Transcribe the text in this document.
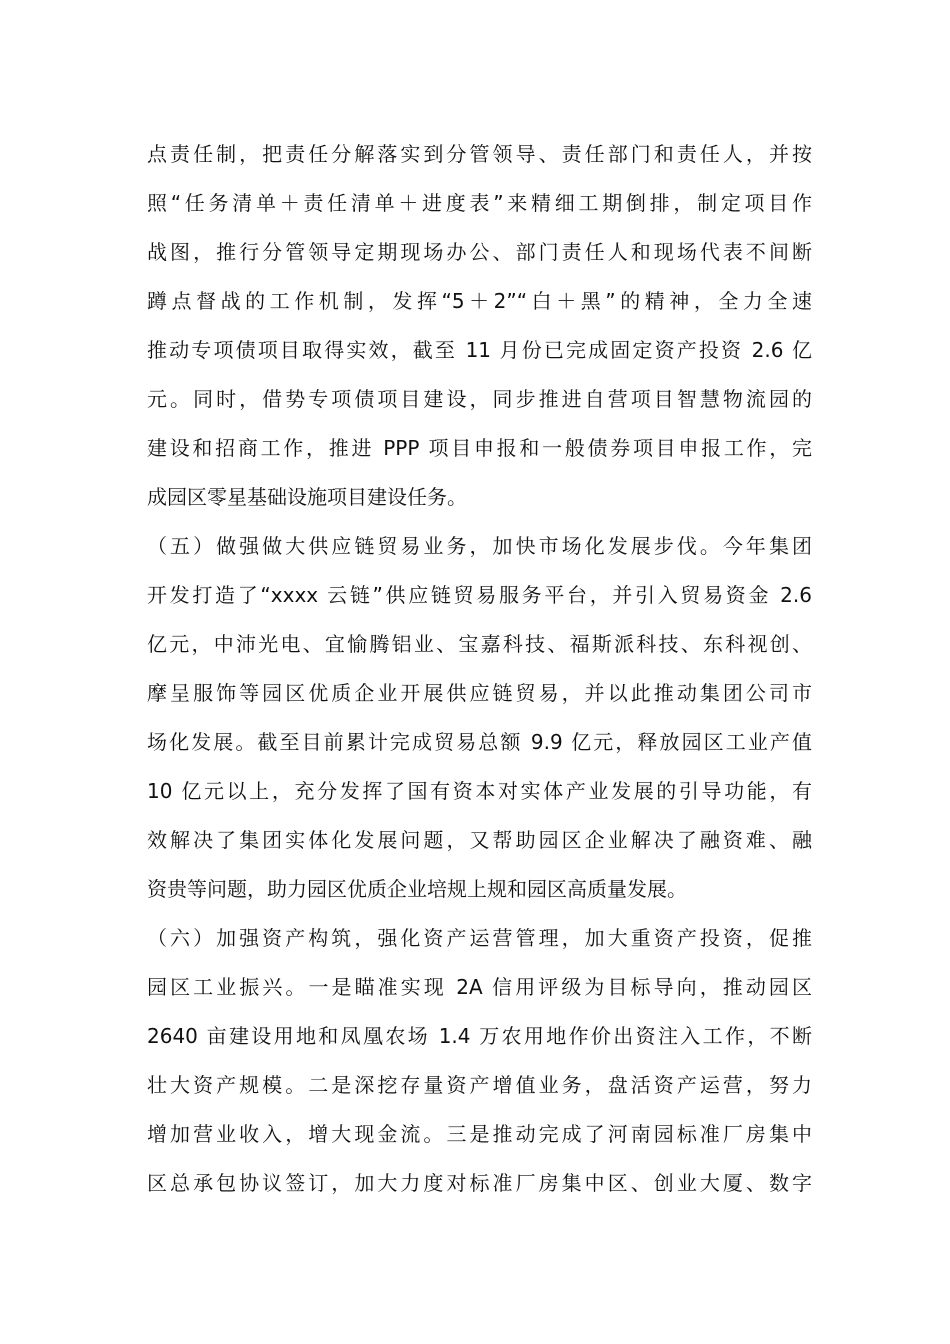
点责任制，把责任分解落实到分管领导、责任部门和责任人，并按
照“任务清单＋责任清单＋进度表”来精细工期倒排，制定项目作
战图，推行分管领导定期现场办公、部门责任人和现场代表不间断
蹲点督战的工作机制，发挥“5＋2”“白＋黑”的精神，全力全速
推动专项债项目取得实效，截至 11 月份已完成固定资产投资 2.6 亿
元。同时，借势专项债项目建设，同步推进自营项目智慧物流园的
建设和招商工作，推进 PPP 项目申报和一般债券项目申报工作，完
成园区零星基础设施项目建设任务。
（五）做强做大供应链贸易业务，加快市场化发展步伐。今年集团
开发打造了“xxxx 云链”供应链贸易服务平台，并引入贸易资金 2.6
亿元，中沛光电、宜愉腾铝业、宝嘉科技、福斯派科技、东科视创、
摩呈服饰等园区优质企业开展供应链贸易，并以此推动集团公司市
场化发展。截至目前累计完成贸易总额 9.9 亿元，释放园区工业产值
10 亿元以上，充分发挥了国有资本对实体产业发展的引导功能，有
效解决了集团实体化发展问题，又帮助园区企业解决了融资难、融
资贵等问题，助力园区优质企业培规上规和园区高质量发展。
（六）加强资产构筑，强化资产运营管理，加大重资产投资，促推
园区工业振兴。一是瞄准实现 2A 信用评级为目标导向，推动园区
2640 亩建设用地和凤凰农场 1.4 万农用地作价出资注入工作，不断
壮大资产规模。二是深挖存量资产增值业务，盘活资产运营，努力
增加营业收入，增大现金流。三是推动完成了河南园标准厂房集中
区总承包协议签订，加大力度对标准厂房集中区、创业大厦、数字
